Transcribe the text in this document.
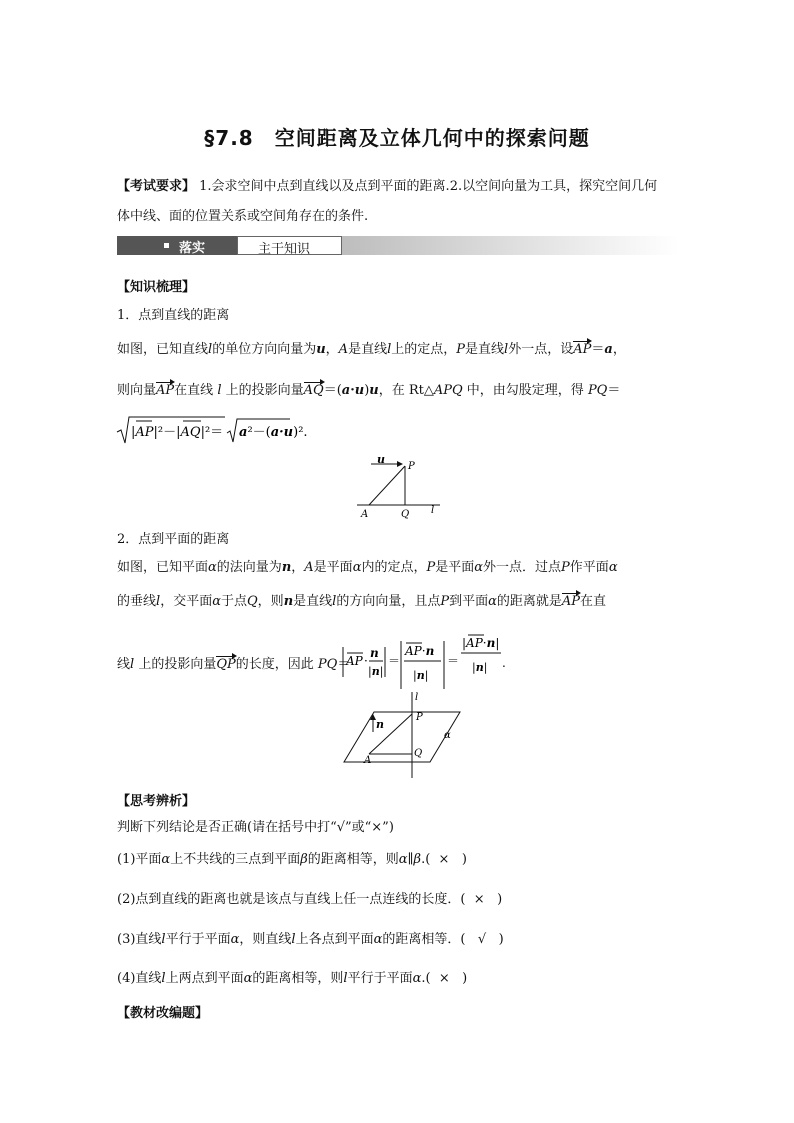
§7.8　空间距离及立体几何中的探索问题
【考试要求】 1.会求空间中点到直线以及点到平面的距离.2.以空间向量为工具，探究空间几何
体中线、面的位置关系或空间角存在的条件.
落实	主干知识
【知识梳理】
1．点到直线的距离
如图，已知直线l的单位方向向量为u，A是直线l上的定点，P是直线l外一点，设AP＝a，
则向量AP在直线 l 上的投影向量AQ＝(a·u)u，在 Rt△APQ 中，由勾股定理，得 PQ＝
|AP|²－|AQ|²＝ a²－(a·u)².
u
P
A	Q l
2．点到平面的距离
如图，已知平面α的法向量为n，A是平面α内的定点，P是平面α外一点．过点P作平面α
的垂线l，交平面α于点Q，则n是直线l的方向向量，且点P到平面α的距离就是AP在直
线l 上的投影向量QP的长度，因此 PQ＝
AP ·
n
|n|
＝
AP·n
|n|
＝
|AP·n|
|n| .
n
P
A
Q
l
α
【思考辨析】
判断下列结论是否正确(请在括号中打“√”或“×”)
(1)平面α上不共线的三点到平面β的距离相等，则α∥β.( × )
(2)点到直线的距离也就是该点与直线上任一点连线的长度．( × )
(3)直线l平行于平面α，则直线l上各点到平面α的距离相等．( √ )
(4)直线l上两点到平面α的距离相等，则l平行于平面α.( × )
【教材改编题】
